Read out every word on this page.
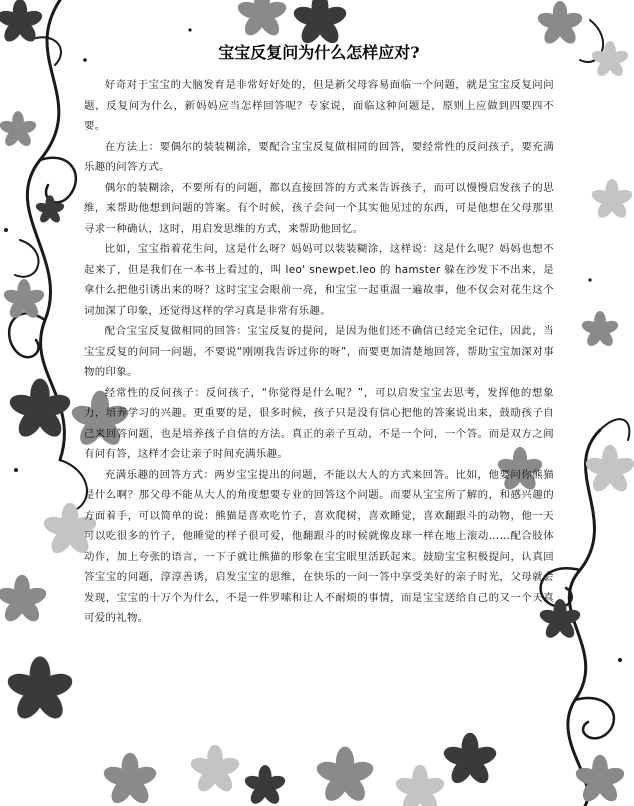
宝宝反复问为什么怎样应对?

好奇对于宝宝的大脑发育是非常好好处的，但是新父母容易面临一个问题，就是宝宝反复问问题，反复问为什么，新妈妈应当怎样回答呢？专家说，面临这种问题是，原则上应做到四要四不要。

在方法上：要偶尔的装装糊涂，要配合宝宝反复做相同的回答，要经常性的反问孩子，要充满乐趣的问答方式。

偶尔的装糊涂，不要所有的问题，都以直接回答的方式来告诉孩子，而可以慢慢启发孩子的思维，来帮助他想到问题的答案。有个时候，孩子会问一个其实他见过的东西，可是他想在父母那里寻求一种确认，这时，用启发思维的方式，来帮助他回忆。

比如，宝宝指着花生问，这是什么呀？妈妈可以装装糊涂，这样说：这是什么呢？妈妈也想不起来了，但是我们在一本书上看过的，叫 leo' snewpet.leo 的 hamster 躲在沙发下不出来，是拿什么把他引诱出来的呀？这时宝宝会眼前一亮，和宝宝一起重温一遍故事，他不仅会对花生这个词加深了印象，还觉得这样的学习真是非常有乐趣。

配合宝宝反复做相同的回答：宝宝反复的提问，是因为他们还不确信已经完全记住，因此，当宝宝反复的问同一问题，不要说“刚刚我告诉过你的呀”，而要更加清楚地回答，帮助宝宝加深对事物的印象。

经常性的反问孩子：反问孩子，“你觉得是什么呢？”，可以启发宝宝去思考，发挥他的想象力，培养学习的兴趣。更重要的是，很多时候，孩子只是没有信心把他的答案说出来，鼓励孩子自己来回答问题，也是培养孩子自信的方法。真正的亲子互动，不是一个问，一个答。而是双方之间有问有答，这样才会让亲子时间充满乐趣。

充满乐趣的回答方式：两岁宝宝提出的问题，不能以大人的方式来回答。比如，他要问你熊猫是什么啊？那父母不能从大人的角度想要专业的回答这个问题。而要从宝宝所了解的，和感兴趣的方面着手，可以简单的说：熊猫是喜欢吃竹子，喜欢爬树，喜欢睡觉，喜欢翻跟斗的动物，他一天可以吃很多的竹子，他睡觉的样子很可爱，他翻跟斗的时候就像皮球一样在地上滚动……配合肢体动作，加上夸张的语言，一下子就让熊猫的形象在宝宝眼里活跃起来。鼓励宝宝积极提问，认真回答宝宝的问题，淳淳善诱，启发宝宝的思维，在快乐的一问一答中享受美好的亲子时光，父母就会发现，宝宝的十万个为什么，不是一件罗嗦和让人不耐烦的事情，而是宝宝送给自己的又一个天真可爱的礼物。
